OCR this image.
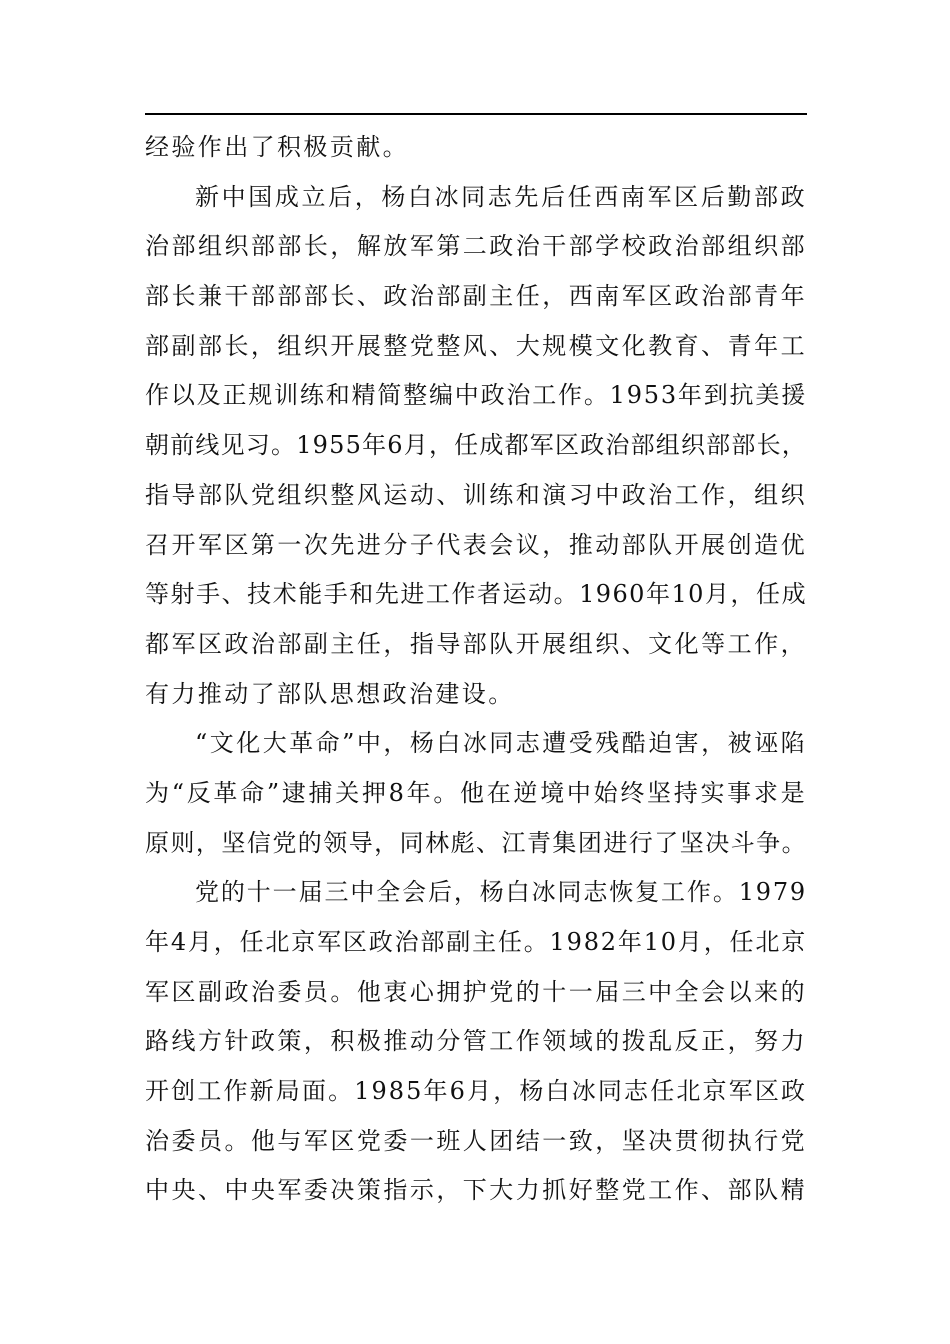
经验作出了积极贡献。
新中国成立后，杨白冰同志先后任西南军区后勤部政
治部组织部部长，解放军第二政治干部学校政治部组织部
部长兼干部部部长、政治部副主任，西南军区政治部青年
部副部长，组织开展整党整风、大规模文化教育、青年工
作以及正规训练和精简整编中政治工作。1953年到抗美援
朝前线见习。1955年6月，任成都军区政治部组织部部长，
指导部队党组织整风运动、训练和演习中政治工作，组织
召开军区第一次先进分子代表会议，推动部队开展创造优
等射手、技术能手和先进工作者运动。1960年10月，任成
都军区政治部副主任，指导部队开展组织、文化等工作，
有力推动了部队思想政治建设。
“文化大革命”中，杨白冰同志遭受残酷迫害，被诬陷
为“反革命”逮捕关押8年。他在逆境中始终坚持实事求是
原则，坚信党的领导，同林彪、江青集团进行了坚决斗争。
党的十一届三中全会后，杨白冰同志恢复工作。1979
年4月，任北京军区政治部副主任。1982年10月，任北京
军区副政治委员。他衷心拥护党的十一届三中全会以来的
路线方针政策，积极推动分管工作领域的拨乱反正，努力
开创工作新局面。1985年6月，杨白冰同志任北京军区政
治委员。他与军区党委一班人团结一致，坚决贯彻执行党
中央、中央军委决策指示，下大力抓好整党工作、部队精
